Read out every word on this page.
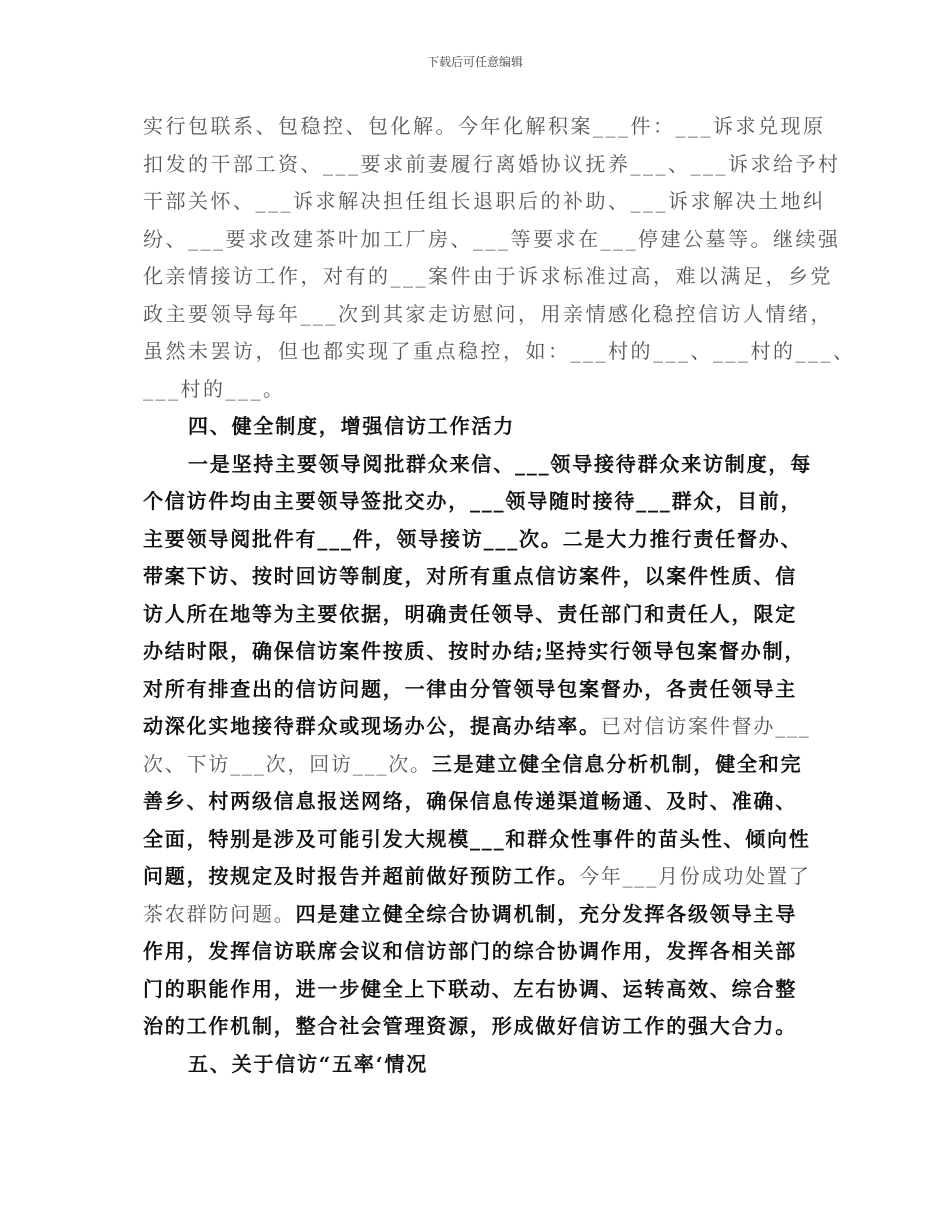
下载后可任意编辑
实行包联系、包稳控、包化解。今年化解积案___件：___诉求兑现原
扣发的干部工资、___要求前妻履行离婚协议抚养___、___诉求给予村
干部关怀、___诉求解决担任组长退职后的补助、___诉求解决土地纠
纷、___要求改建茶叶加工厂房、___等要求在___停建公墓等。继续强
化亲情接访工作，对有的___案件由于诉求标准过高，难以满足，乡党
政主要领导每年___次到其家走访慰问，用亲情感化稳控信访人情绪，
虽然未罢访，但也都实现了重点稳控，如：___村的___、___村的___、
___村的___。
四、健全制度，增强信访工作活力
一是坚持主要领导阅批群众来信、___领导接待群众来访制度，每
个信访件均由主要领导签批交办，___领导随时接待___群众，目前，
主要领导阅批件有___件，领导接访___次。二是大力推行责任督办、
带案下访、按时回访等制度，对所有重点信访案件，以案件性质、信
访人所在地等为主要依据，明确责任领导、责任部门和责任人，限定
办结时限，确保信访案件按质、按时办结;坚持实行领导包案督办制，
对所有排查出的信访问题，一律由分管领导包案督办，各责任领导主
动深化实地接待群众或现场办公，提高办结率。已对信访案件督办___
次、下访___次，回访___次。三是建立健全信息分析机制，健全和完
善乡、村两级信息报送网络，确保信息传递渠道畅通、及时、准确、
全面，特别是涉及可能引发大规模___和群众性事件的苗头性、倾向性
问题，按规定及时报告并超前做好预防工作。今年___月份成功处置了
茶农群防问题。四是建立健全综合协调机制，充分发挥各级领导主导
作用，发挥信访联席会议和信访部门的综合协调作用，发挥各相关部
门的职能作用，进一步健全上下联动、左右协调、运转高效、综合整
治的工作机制，整合社会管理资源，形成做好信访工作的强大合力。
五、关于信访“五率‘情况
